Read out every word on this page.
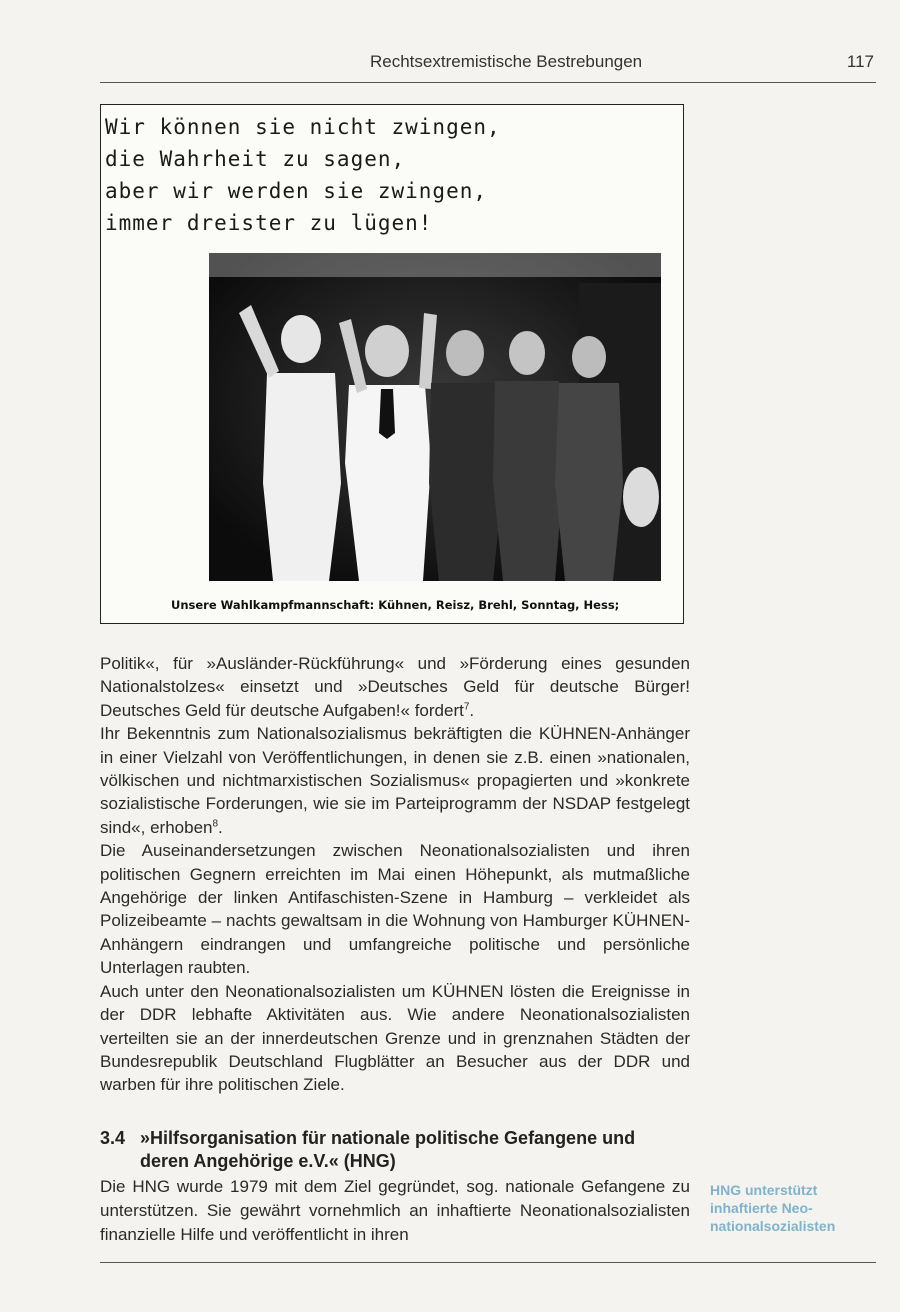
Rechtsextremistische Bestrebungen	117
Wir können sie nicht zwingen,
die Wahrheit zu sagen,
aber wir werden sie zwingen,
immer dreister zu lügen!
Unsere Wahlkampfmannschaft: Kühnen, Reisz, Brehl, Sonntag, Hess;

Politik«, für »Ausländer-Rückführung« und »Förderung eines gesunden Nationalstolzes« einsetzt und »Deutsches Geld für deutsche Bürger! Deutsches Geld für deutsche Aufgaben!« fordert$^7$.

Ihr Bekenntnis zum Nationalsozialismus bekräftigten die KÜHNEN-Anhänger in einer Vielzahl von Veröffentlichungen, in denen sie z.B. einen »nationalen, völkischen und nichtmarxistischen Sozialismus« propagierten und »konkrete sozialistische Forderungen, wie sie im Parteiprogramm der NSDAP festgelegt sind«, erhoben$^8$.

Die Auseinandersetzungen zwischen Neonationalsozialisten und ihren politischen Gegnern erreichten im Mai einen Höhepunkt, als mutmaßliche Angehörige der linken Antifaschisten-Szene in Hamburg – verkleidet als Polizeibeamte – nachts gewaltsam in die Wohnung von Hamburger KÜHNEN-Anhängern eindrangen und umfangreiche politische und persönliche Unterlagen raubten.

Auch unter den Neonationalsozialisten um KÜHNEN lösten die Ereignisse in der DDR lebhafte Aktivitäten aus. Wie andere Neonationalsozialisten verteilten sie an der innerdeutschen Grenze und in grenznahen Städten der Bundesrepublik Deutschland Flugblätter an Besucher aus der DDR und warben für ihre politischen Ziele.

3.4 »Hilfsorganisation für nationale politische Gefangene und
deren Angehörige e.V.« (HNG)
Die HNG wurde 1979 mit dem Ziel gegründet, sog. nationale Gefangene zu unterstützen. Sie gewährt vornehmlich an inhaftierte Neonationalsozialisten finanzielle Hilfe und veröffentlicht in ihren
HNG unterstützt
inhaftierte Neo-
nationalsozialisten
